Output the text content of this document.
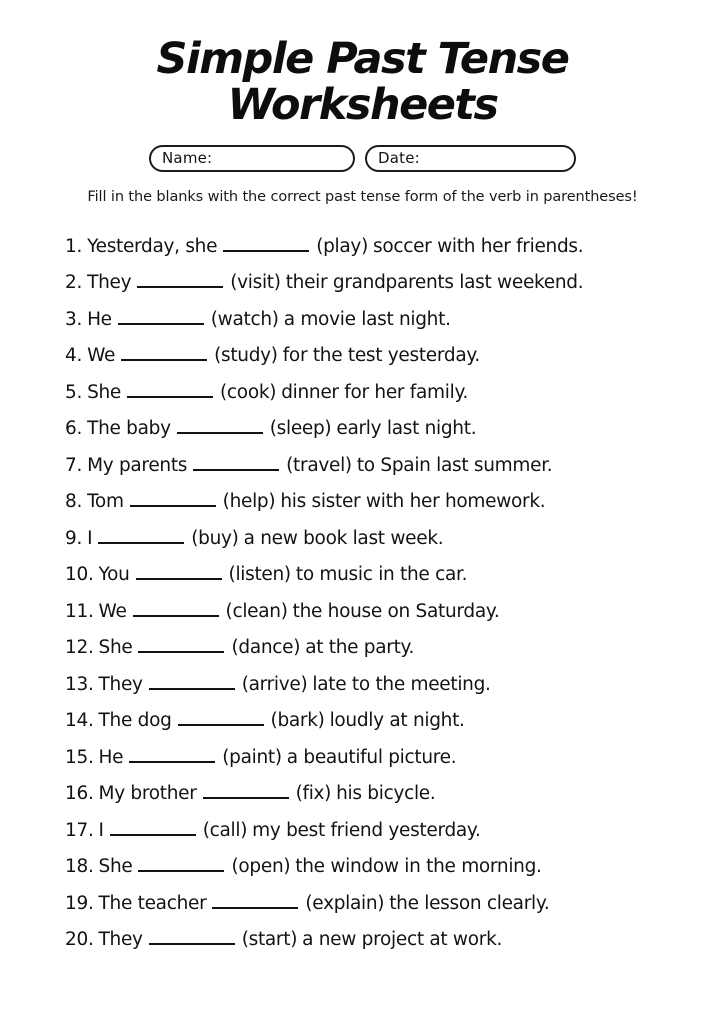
Simple Past Tense
Worksheets
Name:	Date:
Fill in the blanks with the correct past tense form of the verb in parentheses!
1. Yesterday, she	(play) soccer with her friends.
2. They	(visit) their grandparents last weekend.
3. He	(watch) a movie last night.
4. We	(study) for the test yesterday.
5. She	(cook) dinner for her family.
6. The baby	(sleep) early last night.
7. My parents	(travel) to Spain last summer.
8. Tom	(help) his sister with her homework.
9. I	(buy) a new book last week.
10. You	(listen) to music in the car.
11. We	(clean) the house on Saturday.
12. She	(dance) at the party.
13. They	(arrive) late to the meeting.
14. The dog	(bark) loudly at night.
15. He	(paint) a beautiful picture.
16. My brother	(fix) his bicycle.
17. I	(call) my best friend yesterday.
18. She	(open) the window in the morning.
19. The teacher	(explain) the lesson clearly.
20. They	(start) a new project at work.
